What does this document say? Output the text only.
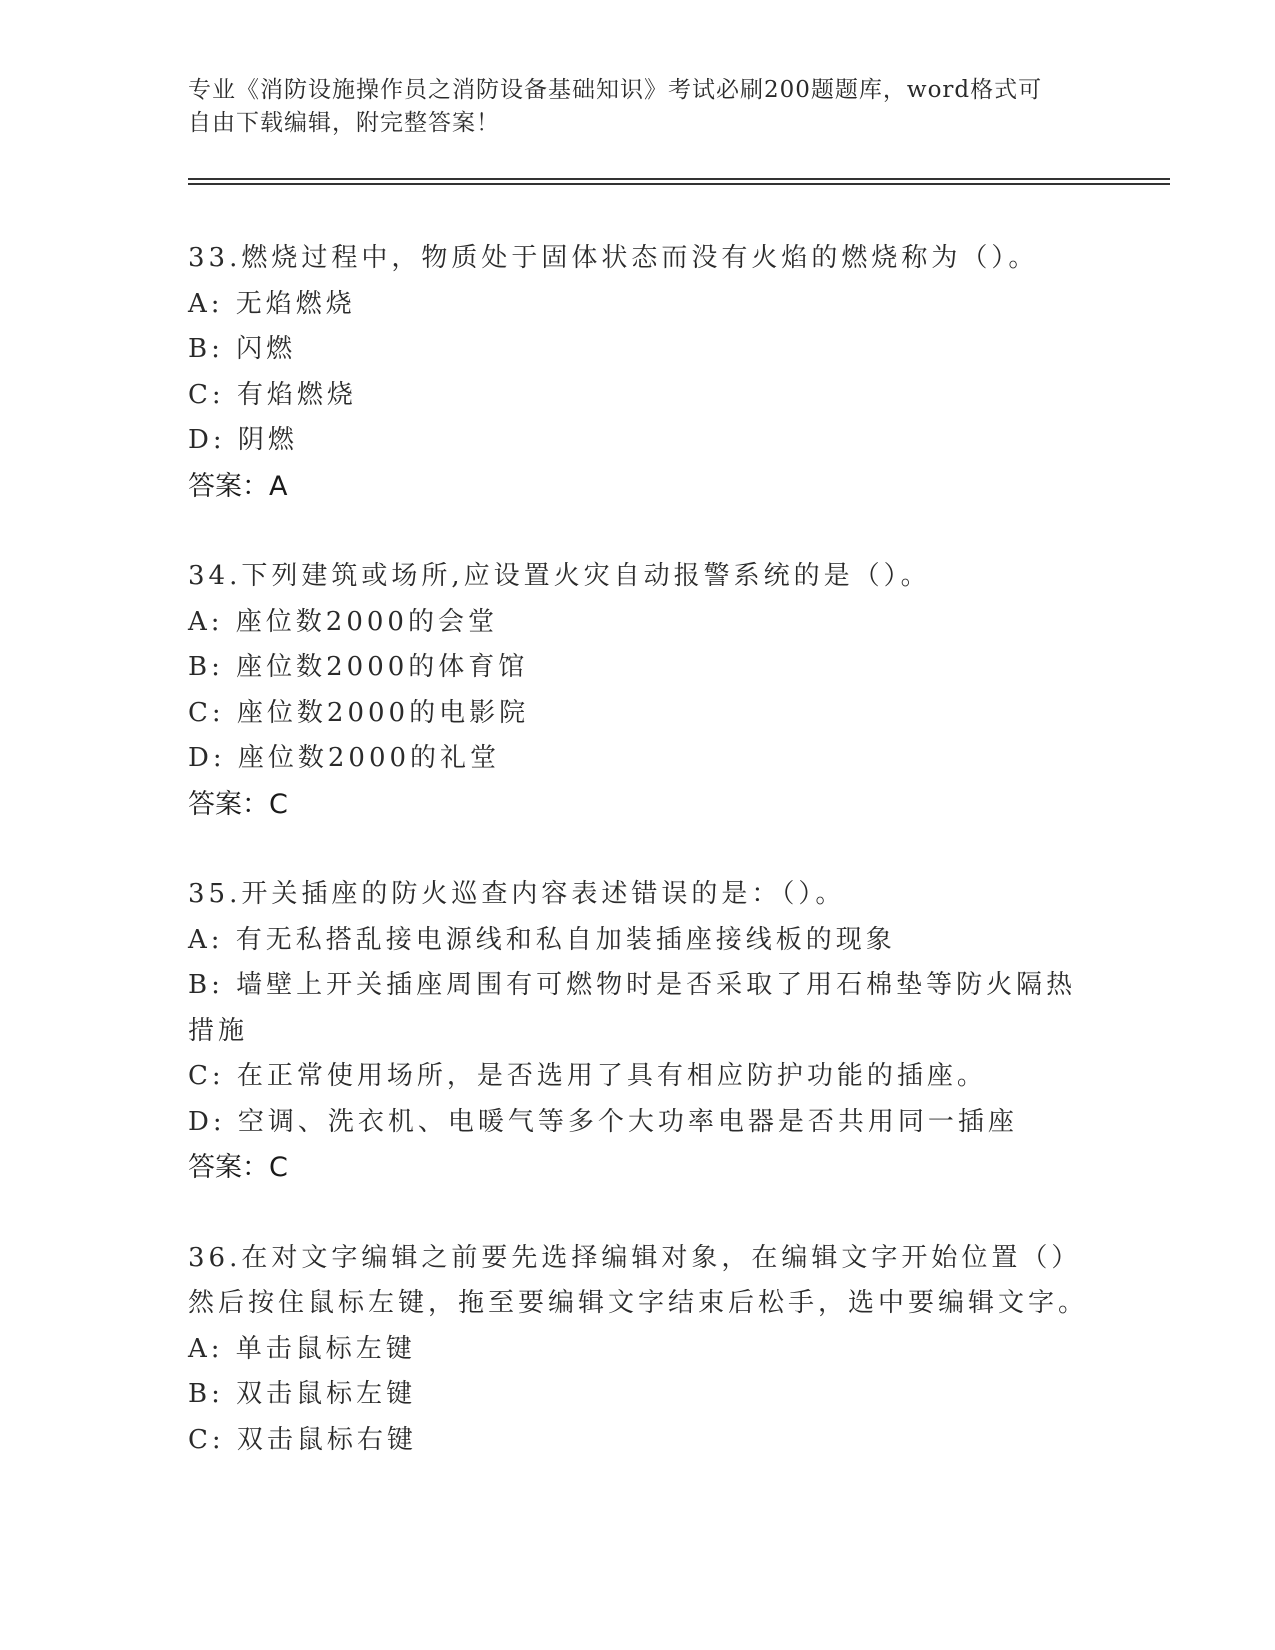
专业《消防设施操作员之消防设备基础知识》考试必刷200题题库，word格式可
自由下载编辑，附完整答案！
33.燃烧过程中，物质处于固体状态而没有火焰的燃烧称为（）。
A: 无焰燃烧
B: 闪燃
C: 有焰燃烧
D: 阴燃
答案：A
34.下列建筑或场所,应设置火灾自动报警系统的是（）。
A: 座位数2000的会堂
B: 座位数2000的体育馆
C: 座位数2000的电影院
D: 座位数2000的礼堂
答案：C
35.开关插座的防火巡查内容表述错误的是：（）。
A: 有无私搭乱接电源线和私自加装插座接线板的现象
B: 墙壁上开关插座周围有可燃物时是否采取了用石棉垫等防火隔热措施
C: 在正常使用场所，是否选用了具有相应防护功能的插座。
D: 空调、洗衣机、电暖气等多个大功率电器是否共用同一插座
答案：C
36.在对文字编辑之前要先选择编辑对象，在编辑文字开始位置（）然后按住鼠标左键，拖至要编辑文字结束后松手，选中要编辑文字。
A: 单击鼠标左键
B: 双击鼠标左键
C: 双击鼠标右键
